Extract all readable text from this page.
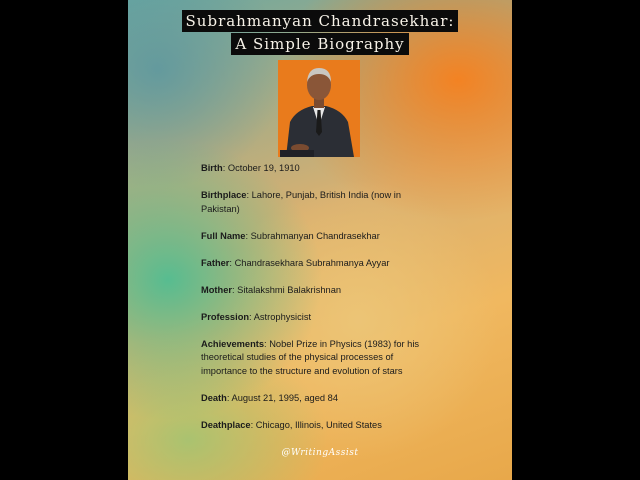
Subrahmanyan Chandrasekhar:
A Simple Biography
Birth: October 19, 1910
Birthplace: Lahore, Punjab, British India (now in Pakistan)
Full Name: Subrahmanyan Chandrasekhar
Father: Chandrasekhara Subrahmanya Ayyar
Mother: Sitalakshmi Balakrishnan
Profession: Astrophysicist
Achievements: Nobel Prize in Physics (1983) for his theoretical studies of the physical processes of importance to the structure and evolution of stars
Death: August 21, 1995, aged 84
Deathplace: Chicago, Illinois, United States
@WritingAssist
